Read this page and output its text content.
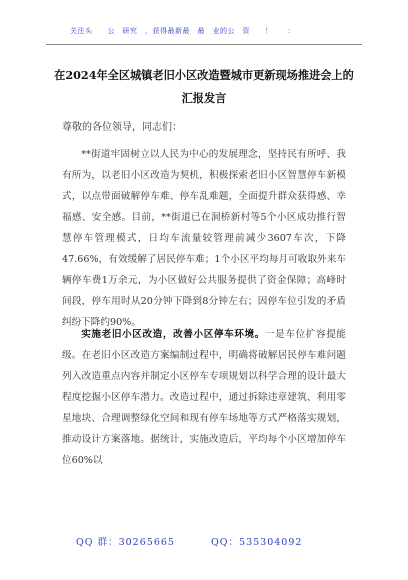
关注头　　公　研究　，获得最新最　最　业的公　资　　！　　：
在2024年全区城镇老旧小区改造暨城市更新现场推进会上的汇报发言
尊敬的各位领导，同志们：
**街道牢固树立以人民为中心的发展理念，坚持民有所呼、我有所为，以老旧小区改造为契机，积极探索老旧小区智慧停车新模式，以点带面破解停车难、停车乱难题，全面提升群众获得感、幸福感、安全感。目前，**街道已在洞桥新村等5个小区成功推行智慧停车管理模式，日均车流量较管理前减少3607车次，下降47.66%，有效缓解了居民停车难；1个小区平均每月可收取外来车辆停车费1万余元，为小区做好公共服务提供了资金保障；高峰时间段，停车用时从20分钟下降到8分钟左右；因停车位引发的矛盾纠纷下降约90%。
实施老旧小区改造，改善小区停车环境。一是车位扩容提能级。在老旧小区改造方案编制过程中，明确将破解居民停车难问题列入改造重点内容并制定小区停车专项规划以科学合理的设计最大程度挖掘小区停车潜力。改造过程中，通过拆除违章建筑、利用零星地块、合理调整绿化空间和现有停车场地等方式严格落实规划，推动设计方案落地。据统计，实施改造后，平均每个小区增加停车位60%以
QQ 群：30265665	QQ：535304092
